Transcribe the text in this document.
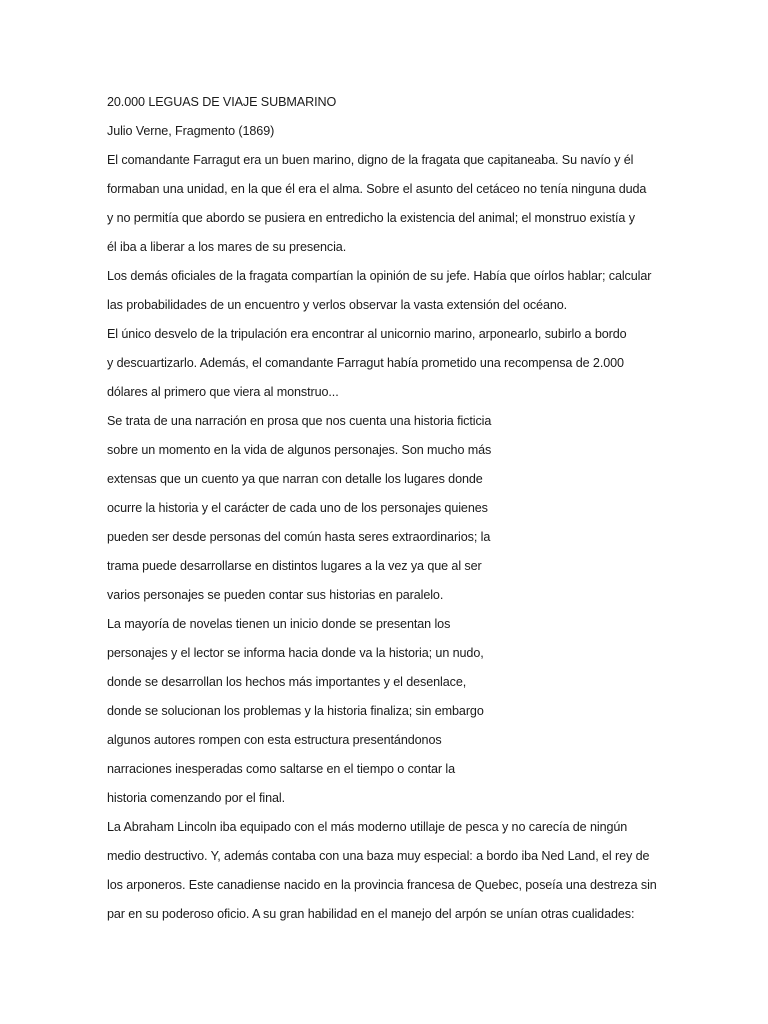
20.000 LEGUAS DE VIAJE SUBMARINO
Julio Verne, Fragmento (1869)
El comandante Farragut era un buen marino, digno de la fragata que capitaneaba. Su navío y él
formaban una unidad, en la que él era el alma. Sobre el asunto del cetáceo no tenía ninguna duda
y no permitía que abordo se pusiera en entredicho la existencia del animal; el monstruo existía y
él iba a liberar a los mares de su presencia.
Los demás oficiales de la fragata compartían la opinión de su jefe. Había que oírlos hablar; calcular
las probabilidades de un encuentro y verlos observar la vasta extensión del océano.
El único desvelo de la tripulación era encontrar al unicornio marino, arponearlo, subirlo a bordo
y descuartizarlo. Además, el comandante Farragut había prometido una recompensa de 2.000
dólares al primero que viera al monstruo...
Se trata de una narración en prosa que nos cuenta una historia ficticia
sobre un momento en la vida de algunos personajes. Son mucho más
extensas que un cuento ya que narran con detalle los lugares donde
ocurre la historia y el carácter de cada uno de los personajes quienes
pueden ser desde personas del común hasta seres extraordinarios; la
trama puede desarrollarse en distintos lugares a la vez ya que al ser
varios personajes se pueden contar sus historias en paralelo.
La mayoría de novelas tienen un inicio donde se presentan los
personajes y el lector se informa hacia donde va la historia; un nudo,
donde se desarrollan los hechos más importantes y el desenlace,
donde se solucionan los problemas y la historia finaliza; sin embargo
algunos autores rompen con esta estructura presentándonos
narraciones inesperadas como saltarse en el tiempo o contar la
historia comenzando por el final.
La Abraham Lincoln iba equipado con el más moderno utillaje de pesca y no carecía de ningún
medio destructivo. Y, además contaba con una baza muy especial: a bordo iba Ned Land, el rey de
los arponeros. Este canadiense nacido en la provincia francesa de Quebec, poseía una destreza sin
par en su poderoso oficio. A su gran habilidad en el manejo del arpón se unían otras cualidades:
